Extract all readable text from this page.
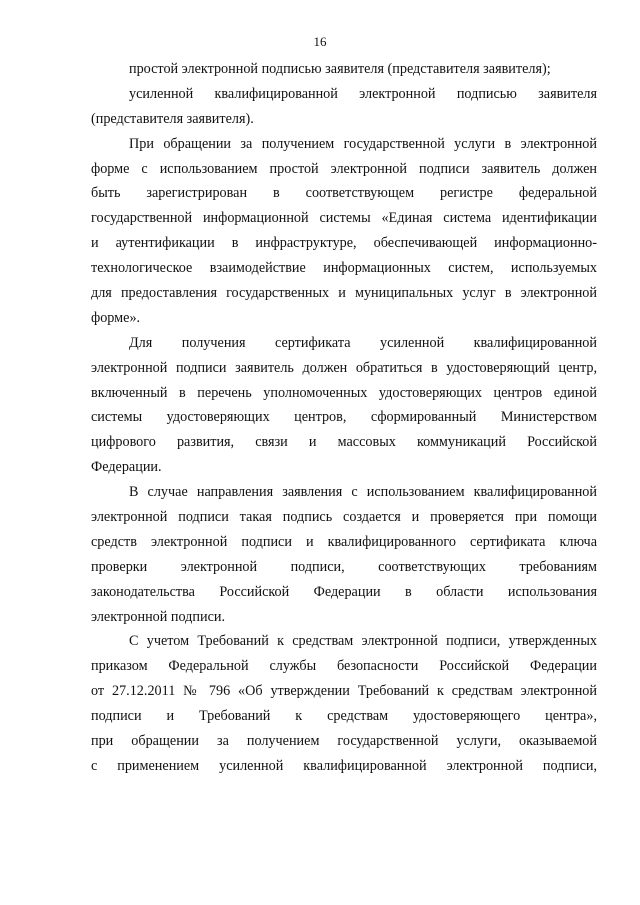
16
простой электронной подписью заявителя (представителя заявителя);
усиленной квалифицированной электронной подписью заявителя
(представителя заявителя).
При обращении за получением государственной услуги в электронной
форме с использованием простой электронной подписи заявитель должен
быть зарегистрирован в соответствующем регистре федеральной
государственной информационной системы «Единая система идентификации
и аутентификации в инфраструктуре, обеспечивающей информационно-
технологическое взаимодействие информационных систем, используемых
для предоставления государственных и муниципальных услуг в электронной
форме».
Для получения сертификата усиленной квалифицированной
электронной подписи заявитель должен обратиться в удостоверяющий центр,
включенный в перечень уполномоченных удостоверяющих центров единой
системы удостоверяющих центров, сформированный Министерством
цифрового развития, связи и массовых коммуникаций Российской
Федерации.
В случае направления заявления с использованием квалифицированной
электронной подписи такая подпись создается и проверяется при помощи
средств электронной подписи и квалифицированного сертификата ключа
проверки электронной подписи, соответствующих требованиям
законодательства Российской Федерации в области использования
электронной подписи.
С учетом Требований к средствам электронной подписи, утвержденных
приказом Федеральной службы безопасности Российской Федерации
от 27.12.2011 № 796 «Об утверждении Требований к средствам электронной
подписи и Требований к средствам удостоверяющего центра»,
при обращении за получением государственной услуги, оказываемой
с применением усиленной квалифицированной электронной подписи,
